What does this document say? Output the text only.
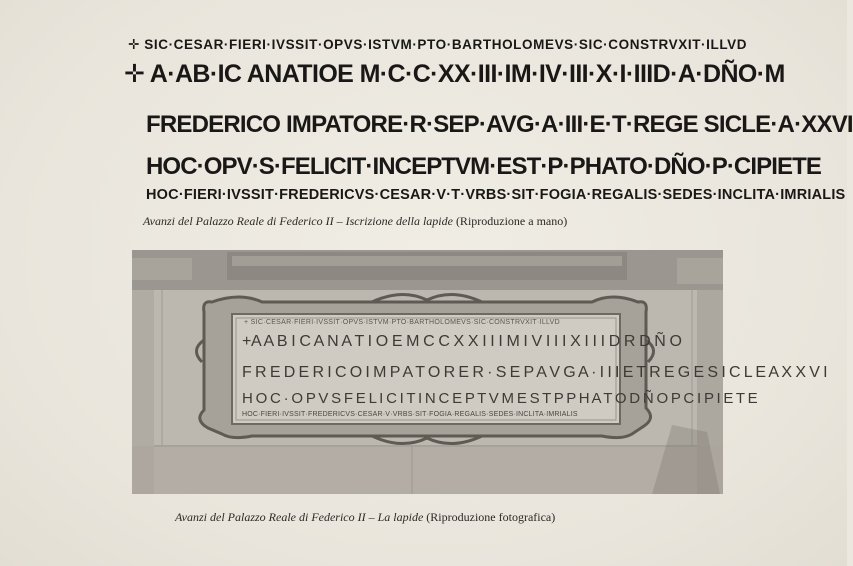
✛ SIC·CESAR·FIERI·IVSSIT·OPVS·ISTVM·PTO·BARTHOLOMEVS·SIC·CONSTRVXIT·ILLVD
✛ A·AB·IC ANATIOE M·C·C·XX·III·IM·IV·III·X·I·IIID·A·DÑO·M
FREDERICO IMPATORE·R·SEP·AVG·A·III·E·T·REGE SICLE·A·XXVI
HOC·OPV·S·FELICIT·INCEPTVM·EST·P·PHATO·DÑO·P·CIPIETE
HOC·FIERI·IVSSIT·FREDERICVS·CESAR·V·T·VRBS·SIT·FOGIA·REGALIS·SEDES·INCLITA·IMRIALIS
Avanzi del Palazzo Reale di Federico II – Iscrizione della lapide (Riproduzione a mano)
+ SIC·CESAR·FIERI·IVSSIT·OPVS·ISTVM·PTO·BARTHOLOMEVS·SIC·CONSTRVXIT·ILLVD
+A A B I C A N A T I O E M C C X X I I I M I V I I I X I I I D R D Ñ O
F R E D E R I C O I M P A T O R E R · S E P A V G A · I I I E T R E G E S I C L E A X X V I
H O C · O P V S F E L I C I T I N C E P T V M E S T P P H A T O D Ñ O P C I P I E T E
HOC·FIERI·IVSSIT·FREDERICVS·CESAR·V·VRBS·SIT·FOGIA·REGALIS·SEDES·INCLITA·IMRIALIS
Avanzi del Palazzo Reale di Federico II – La lapide (Riproduzione fotografica)
